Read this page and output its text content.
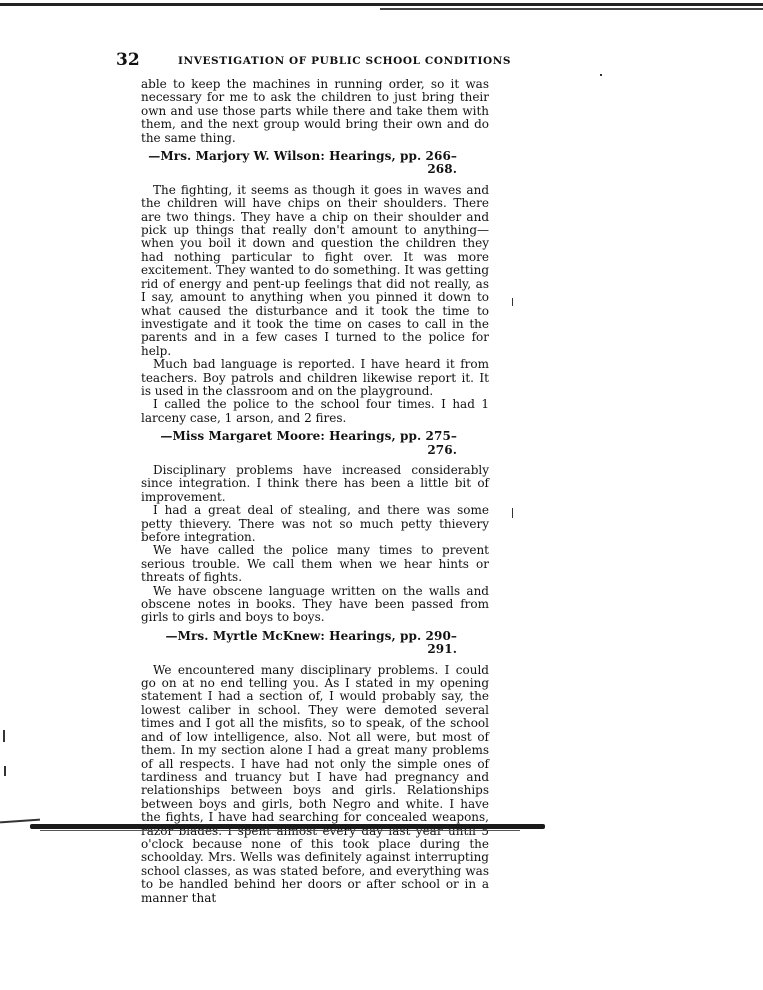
32	INVESTIGATION OF PUBLIC SCHOOL CONDITIONS

able to keep the machines in running order, so it was necessary for me to ask the children to just bring their own and use those parts while there and take them with them, and the next group would bring their own and do the same thing.

—Mrs. Marjory W. Wilson: Hearings, pp. 266–268.

The fighting, it seems as though it goes in waves and the children will have chips on their shoulders. There are two things. They have a chip on their shoulder and pick up things that really don't amount to anything—when you boil it down and question the children they had nothing particular to fight over. It was more excitement. They wanted to do something. It was getting rid of energy and pent-up feelings that did not really, as I say, amount to anything when you pinned it down to what caused the disturbance and it took the time to investigate and it took the time on cases to call in the parents and in a few cases I turned to the police for help.

Much bad language is reported. I have heard it from teachers. Boy patrols and children likewise report it. It is used in the classroom and on the playground.

I called the police to the school four times. I had 1 larceny case, 1 arson, and 2 fires.

—Miss Margaret Moore: Hearings, pp. 275–276.

Disciplinary problems have increased considerably since integration. I think there has been a little bit of improvement.

I had a great deal of stealing, and there was some petty thievery. There was not so much petty thievery before integration.

We have called the police many times to prevent serious trouble. We call them when we hear hints or threats of fights.

We have obscene language written on the walls and obscene notes in books. They have been passed from girls to girls and boys to boys.

—Mrs. Myrtle McKnew: Hearings, pp. 290–291.

We encountered many disciplinary problems. I could go on at no end telling you. As I stated in my opening statement I had a section of, I would probably say, the lowest caliber in school. They were demoted several times and I got all the misfits, so to speak, of the school and of low intelligence, also. Not all were, but most of them. In my section alone I had a great many problems of all respects. I have had not only the simple ones of tardiness and truancy but I have had pregnancy and relationships between boys and girls. Relationships between boys and girls, both Negro and white. I have the fights, I have had searching for concealed weapons, o'clock because none of this took place during the schoolday. Mrs. Wells was definitely against interrupting school classes, as was stated before, and everything was to be handled behind her doors or after school or in a manner that
